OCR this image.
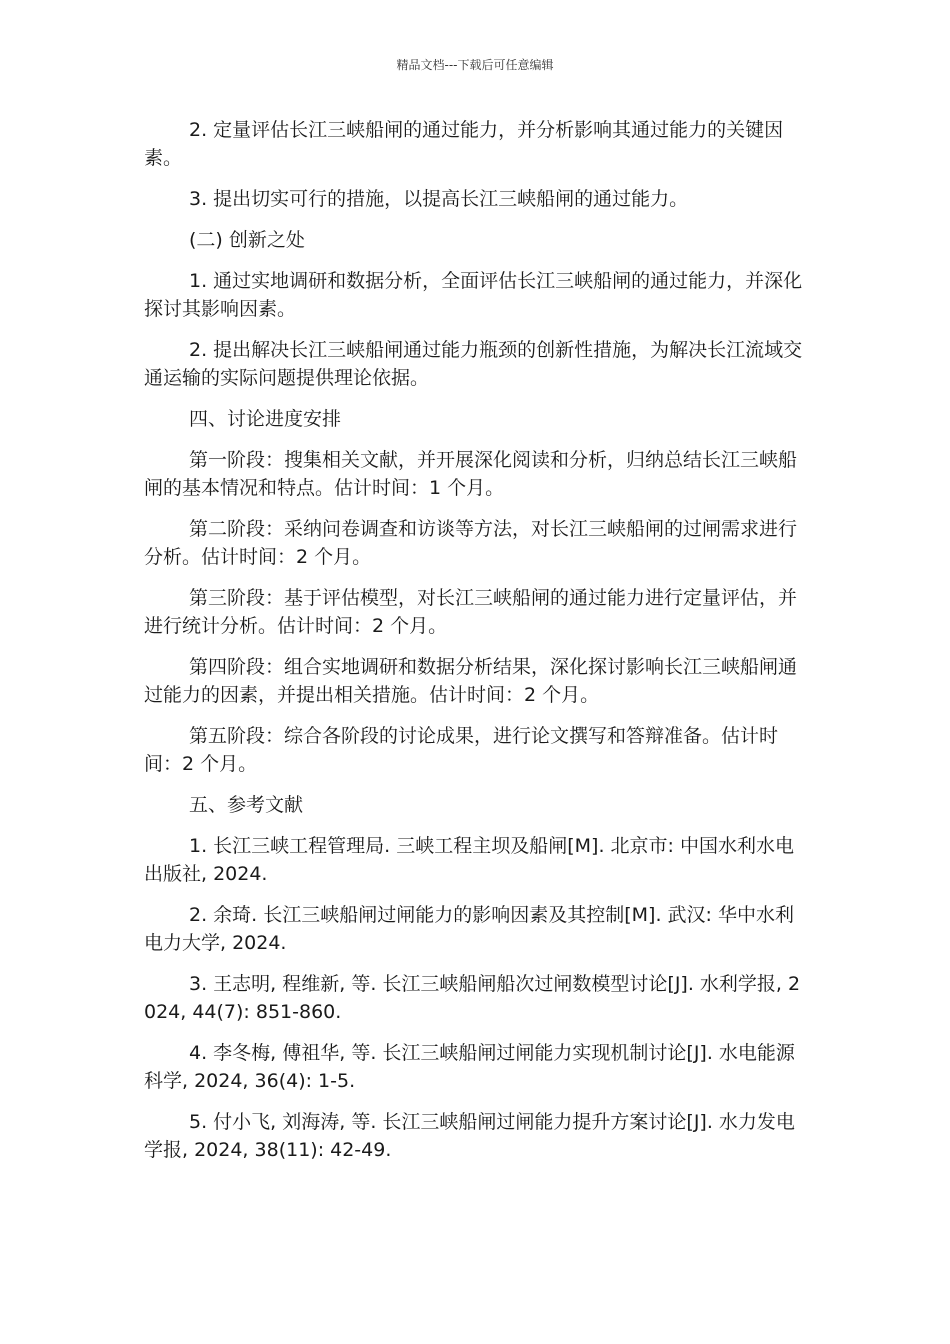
精品文档---下载后可任意编辑

2. 定量评估长江三峡船闸的通过能力，并分析影响其通过能力的关键因素。

3. 提出切实可行的措施，以提高长江三峡船闸的通过能力。

(二) 创新之处

1. 通过实地调研和数据分析，全面评估长江三峡船闸的通过能力，并深化探讨其影响因素。

2. 提出解决长江三峡船闸通过能力瓶颈的创新性措施，为解决长江流域交通运输的实际问题提供理论依据。

四、讨论进度安排

第一阶段：搜集相关文献，并开展深化阅读和分析，归纳总结长江三峡船闸的基本情况和特点。估计时间：1 个月。

第二阶段：采纳问卷调查和访谈等方法，对长江三峡船闸的过闸需求进行分析。估计时间：2 个月。

第三阶段：基于评估模型，对长江三峡船闸的通过能力进行定量评估，并进行统计分析。估计时间：2 个月。

第四阶段：组合实地调研和数据分析结果，深化探讨影响长江三峡船闸通过能力的因素，并提出相关措施。估计时间：2 个月。

第五阶段：综合各阶段的讨论成果，进行论文撰写和答辩准备。估计时间：2 个月。

五、参考文献

1. 长江三峡工程管理局. 三峡工程主坝及船闸[M]. 北京市: 中国水利水电出版社, 2024.

2. 余琦. 长江三峡船闸过闸能力的影响因素及其控制[M]. 武汉: 华中水利电力大学, 2024.

3. 王志明, 程维新, 等. 长江三峡船闸船次过闸数模型讨论[J]. 水利学报, 2024, 44(7): 851-860.

4. 李冬梅, 傅祖华, 等. 长江三峡船闸过闸能力实现机制讨论[J]. 水电能源科学, 2024, 36(4): 1-5.

5. 付小飞, 刘海涛, 等. 长江三峡船闸过闸能力提升方案讨论[J]. 水力发电学报, 2024, 38(11): 42-49.
